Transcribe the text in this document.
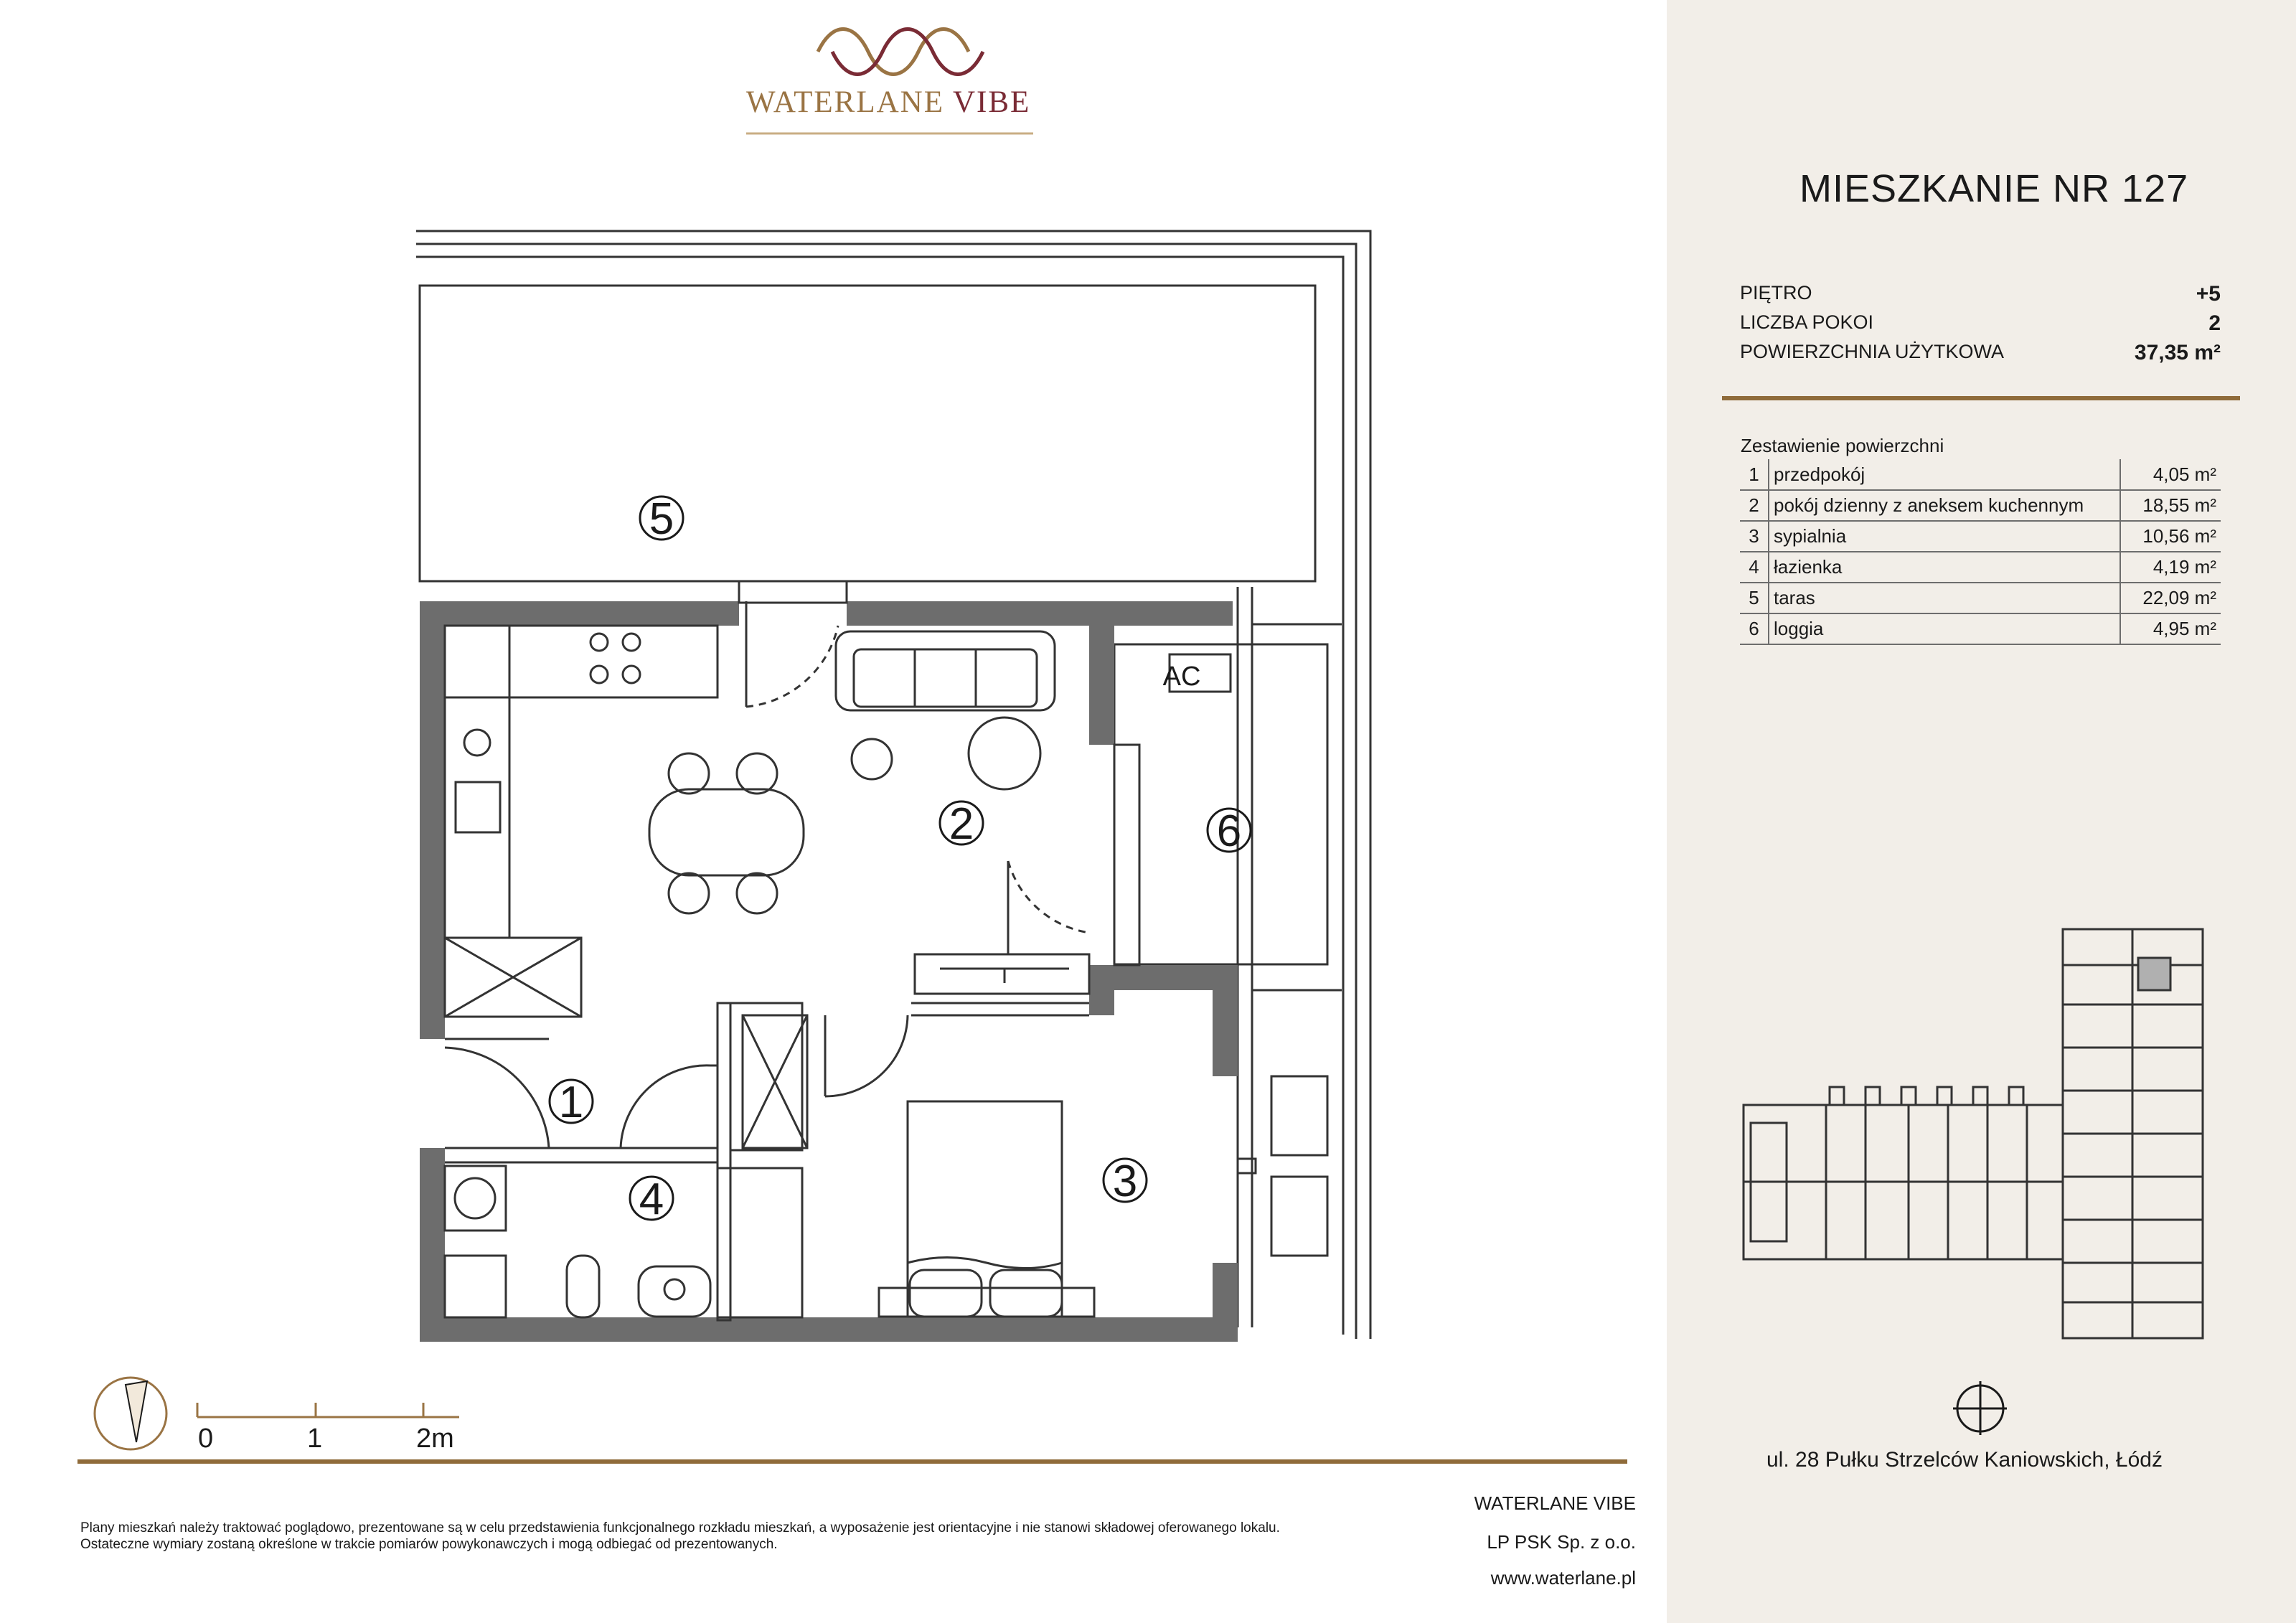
MIESZKANIE NR 127
PIĘTRO	+5
LICZBA POKOI	2
POWIERZCHNIA UŻYTKOWA	37,35 m²
Zestawienie powierzchni
1	przedpokój	4,05 m²
2	pokój dzienny z aneksem kuchennym	18,55 m²
3	sypialnia	10,56 m²
4	łazienka	4,19 m²
5	taras	22,09 m²
6	loggia	4,95 m²
ul. 28 Pułku Strzelców Kaniowskich, Łódź
WATERLANE VIBE
5
2	6
1
4	3
AC
0	1	2m

Plany mieszkań należy traktować poglądowo, prezentowane są w celu przedstawienia funkcjonalnego rozkładu mieszkań, a wyposażenie jest orientacyjne i nie stanowi składowej oferowanego lokalu.

Ostateczne wymiary zostaną określone w trakcie pomiarów powykonawczych i mogą odbiegać od prezentowanych.

WATERLANE VIBE
LP PSK Sp. z o.o.
www.waterlane.pl
